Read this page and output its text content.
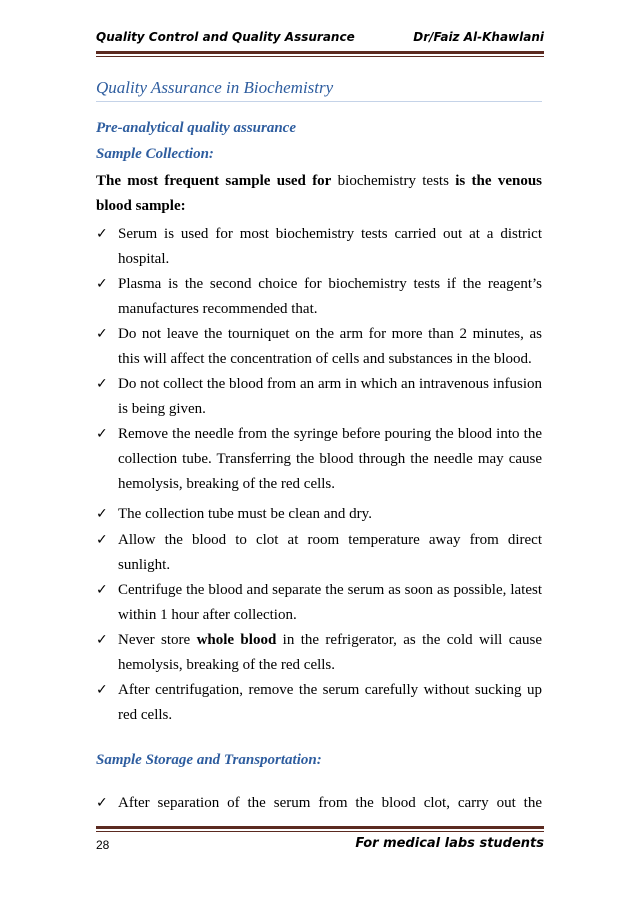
Quality Control and Quality Assurance	Dr/Faiz Al-Khawlani
Quality Assurance in Biochemistry
Pre-analytical quality assurance
Sample Collection:
The most frequent sample used for biochemistry tests is the venous blood sample:
✓ Serum is used for most biochemistry tests carried out at a district hospital.
✓ Plasma is the second choice for biochemistry tests if the reagent’s manufactures recommended that.
✓ Do not leave the tourniquet on the arm for more than 2 minutes, as this will affect the concentration of cells and substances in the blood.
✓ Do not collect the blood from an arm in which an intravenous infusion is being given.
✓ Remove the needle from the syringe before pouring the blood into the collection tube. Transferring the blood through the needle may cause hemolysis, breaking of the red cells.
✓ The collection tube must be clean and dry.
✓ Allow the blood to clot at room temperature away from direct sunlight.
✓ Centrifuge the blood and separate the serum as soon as possible, latest within 1 hour after collection.
✓ Never store whole blood in the refrigerator, as the cold will cause hemolysis, breaking of the red cells.
✓ After centrifugation, remove the serum carefully without sucking up red cells.
Sample Storage and Transportation:
✓ After separation of the serum from the blood clot, carry out the
28	For medical labs students
